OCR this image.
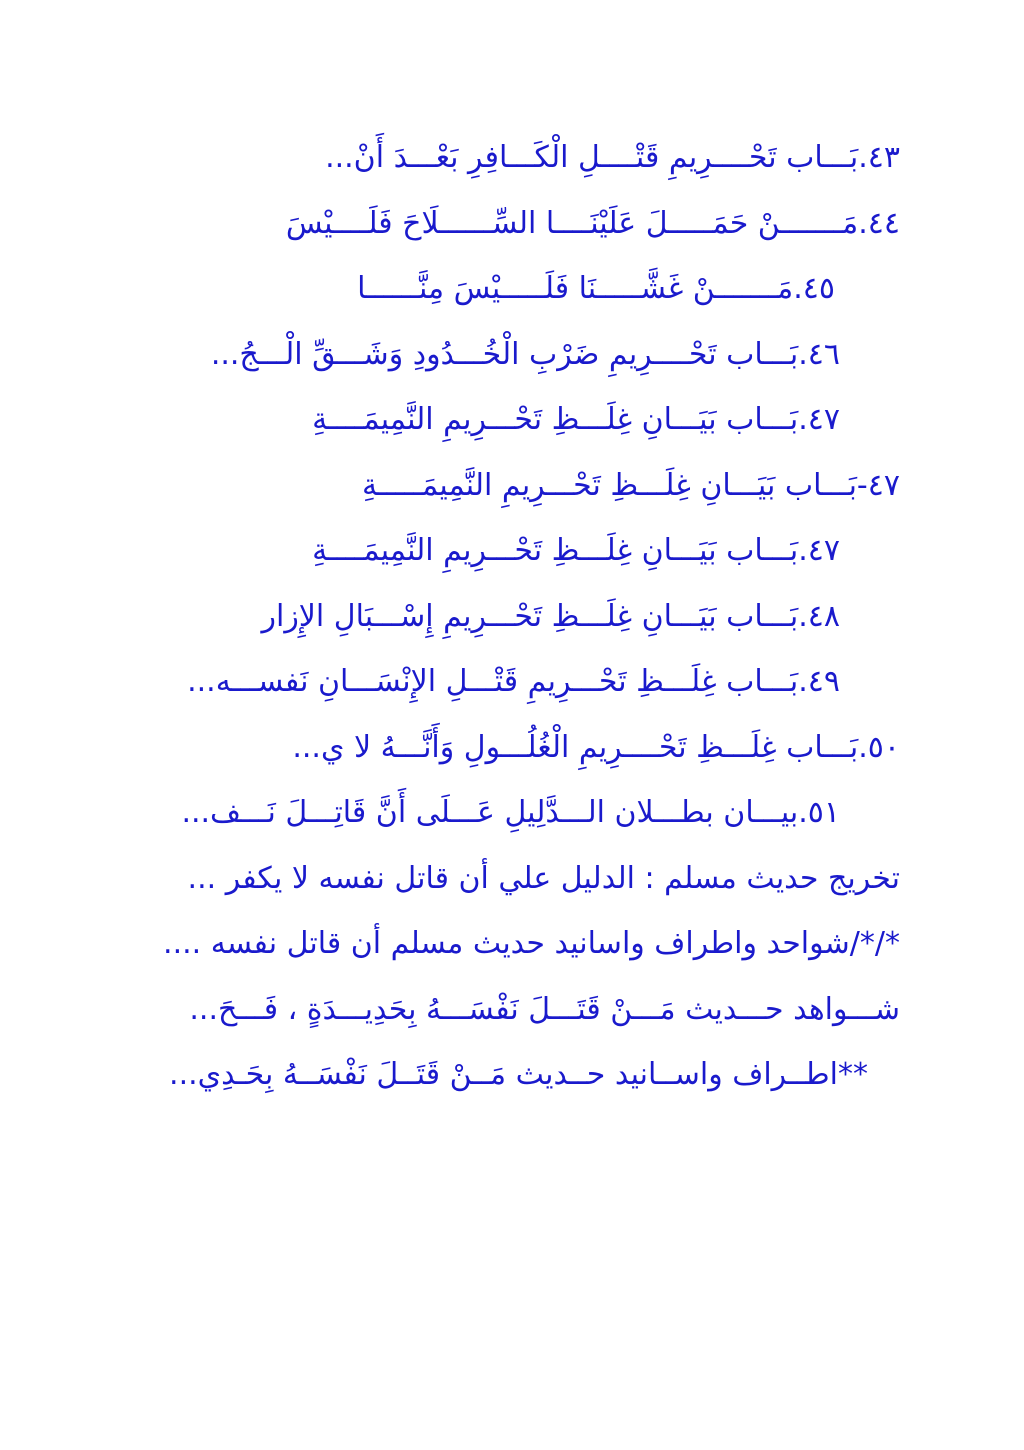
٤٣.بَـــاب تَحْــــرِيمِ قَتْــــلِ الْكَـــافِرِ بَعْـــدَ أَنْ...
٤٤.مَـــــــنْ حَمَـــــلَ عَلَيْنَــــا السِّــــــلَاحَ فَلَــــيْسَ
٤٥.مَـــــــنْ غَشَّـــــنَا فَلَـــــيْسَ مِنَّــــــا
٤٦.بَـــاب تَحْــــرِيمِ ضَرْبِ الْخُـــدُودِ وَشَـــقِّ الْـــجُ...
٤٧.بَـــاب بَيَـــانِ غِلَـــظِ تَحْـــرِيمِ النَّمِيمَــــةِ
٤٧-بَـــاب بَيَـــانِ غِلَـــظِ تَحْـــرِيمِ النَّمِيمَـــــةِ
٤٧.بَـــاب بَيَـــانِ غِلَـــظِ تَحْـــرِيمِ النَّمِيمَــــةِ
٤٨.بَـــاب بَيَـــانِ غِلَـــظِ تَحْـــرِيمِ إِسْـــبَالِ الإِزار
٤٩.بَـــاب غِلَـــظِ تَحْـــرِيمِ قَتْـــلِ الإِنْسَـــانِ نَفســـه...
٥٠.بَـــاب غِلَـــظِ تَحْــــرِيمِ الْغُلُـــولِ وَأَنَّـــهُ لا ي...
٥١.بيـــان بطـــلان الـــدَّلِيلِ عَـــلَى أَنَّ قَاتِـــلَ نَـــف...
تخريج حديث مسلم : الدليل علي أن قاتل نفسه لا يكفر ...
*/*/شواحد واطراف واسانيد حديث مسلم أن قاتل نفسه ....
شـــواهد حـــديث مَـــنْ قَتَـــلَ نَفْسَـــهُ بِحَدِيـــدَةٍ ، فَـــحَ...
**اطــراف واســانيد حــديث مَــنْ قَتَــلَ نَفْسَــهُ بِحَـدِي...
